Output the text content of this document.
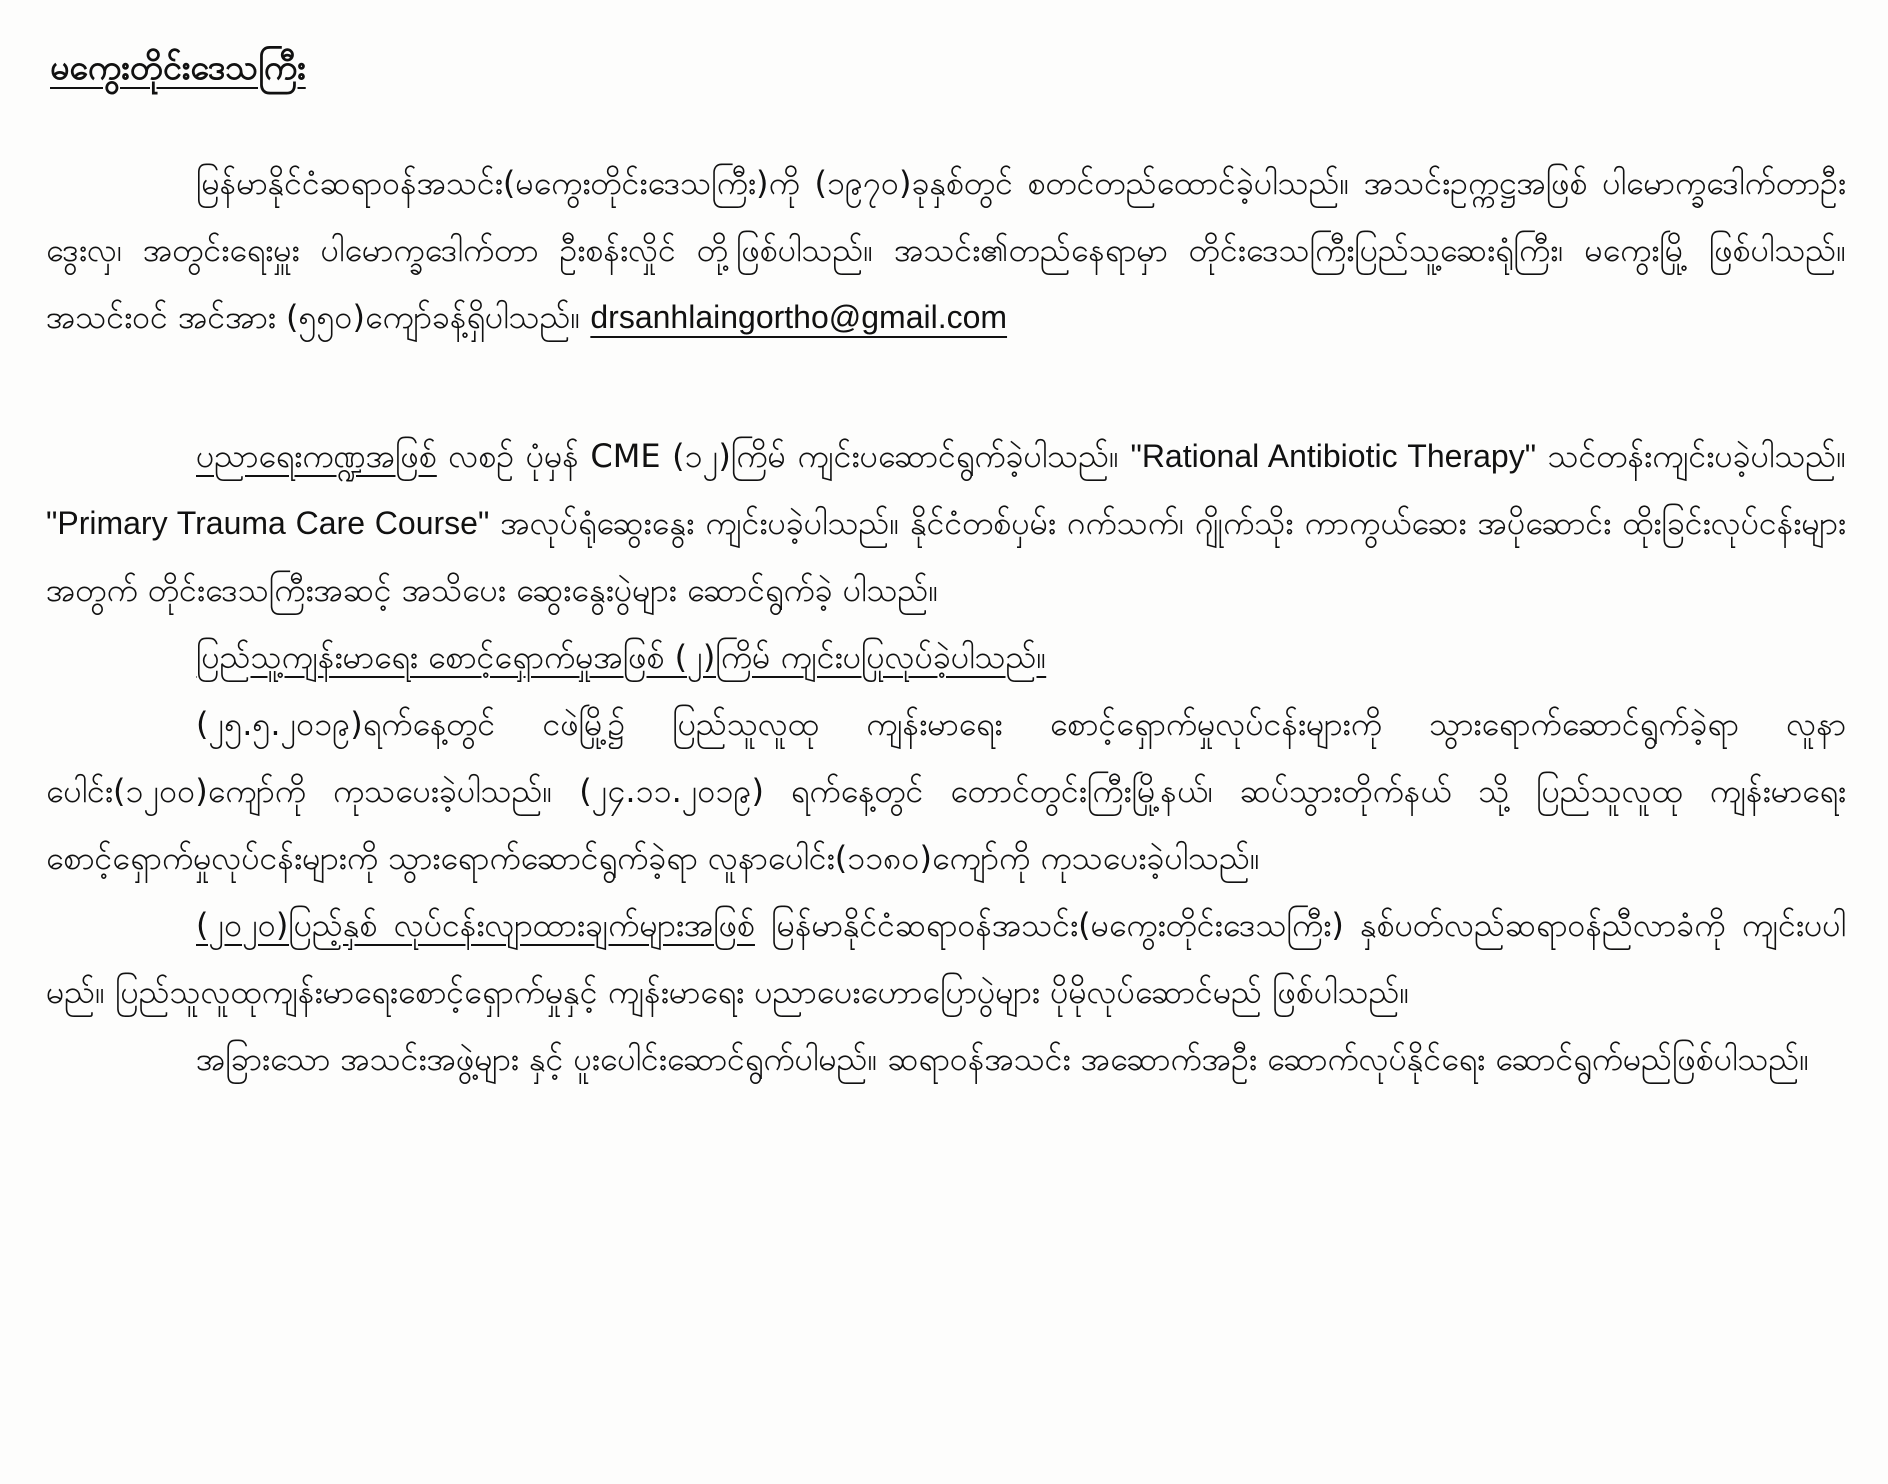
မကွေးတိုင်းဒေသကြီး

မြန်မာနိုင်ငံဆရာဝန်အသင်း(မကွေးတိုင်းဒေသကြီး)ကို (၁၉၇၀)ခုနှစ်တွင် စတင်တည်ထောင်ခဲ့ပါသည်။ အသင်းဥက္ကဋ္ဌအဖြစ် ပါမောက္ခဒေါက်တာဦးဒွေးလှ၊ အတွင်းရေးမှူး ပါမောက္ခဒေါက်တာ ဦးစန်းလှိုင် တို့ဖြစ်ပါသည်။ အသင်း၏တည်နေရာမှာ တိုင်းဒေသကြီးပြည်သူ့ဆေးရုံကြီး၊ မကွေးမြို့ ဖြစ်ပါသည်။ အသင်းဝင် အင်အား (၅၅၀)ကျော်ခန့်ရှိပါသည်။ drsanhlaingortho@gmail.com

ပညာရေးကဏ္ဍအဖြစ် လစဉ် ပုံမှန် CME (၁၂)ကြိမ် ကျင်းပဆောင်ရွက်ခဲ့ပါသည်။ "Rational Antibiotic Therapy" သင်တန်းကျင်းပခဲ့ပါသည်။ "Primary Trauma Care Course" အလုပ်ရုံဆွေးနွေး ကျင်းပခဲ့ပါသည်။ နိုင်ငံတစ်ပှမ်း ဂက်သက်၊ ဂျိုက်သိုး ကာကွယ်ဆေး အပိုဆောင်း ထိုးခြင်းလုပ်ငန်းများအတွက် တိုင်းဒေသကြီးအဆင့် အသိပေး ဆွေးနွေးပွဲများ ဆောင်ရွက်ခဲ့ ပါသည်။

ပြည်သူ့ကျန်းမာရေး စောင့်ရှောက်မှုအဖြစ် (၂)ကြိမ် ကျင်းပပြုလုပ်ခဲ့ပါသည်။

(၂၅.၅.၂၀၁၉)ရက်နေ့တွင် ငဖဲမြို့၌ ပြည်သူလူထု ကျန်းမာရေး စောင့်ရှောက်မှုလုပ်ငန်းများကို သွားရောက်ဆောင်ရွက်ခဲ့ရာ လူနာပေါင်း(၁၂၀၀)ကျော်ကို ကုသပေးခဲ့ပါသည်။ (၂၄.၁၁.၂၀၁၉) ရက်နေ့တွင် တောင်တွင်းကြီးမြို့နယ်၊ ဆပ်သွားတိုက်နယ် သို့ ပြည်သူလူထု ကျန်းမာရေး စောင့်ရှောက်မှုလုပ်ငန်းများကို သွားရောက်ဆောင်ရွက်ခဲ့ရာ လူနာပေါင်း(၁၁၈၀)ကျော်ကို ကုသပေးခဲ့ပါသည်။

(၂၀၂၀)ပြည့်နှစ် လုပ်ငန်းလျာထားချက်များအဖြစ် မြန်မာနိုင်ငံဆရာဝန်အသင်း(မကွေးတိုင်းဒေသကြီး) နှစ်ပတ်လည်ဆရာဝန်ညီလာခံကို ကျင်းပပါမည်။ ပြည်သူလူထုကျန်းမာရေးစောင့်ရှောက်မှုနှင့် ကျန်းမာရေး ပညာပေးဟောပြောပွဲများ ပိုမိုလုပ်ဆောင်မည် ဖြစ်ပါသည်။

အခြားသော အသင်းအဖွဲ့များ နှင့် ပူးပေါင်းဆောင်ရွက်ပါမည်။ ဆရာဝန်အသင်း အဆောက်အဦး ဆောက်လုပ်နိုင်ရေး ဆောင်ရွက်မည်ဖြစ်ပါသည်။
